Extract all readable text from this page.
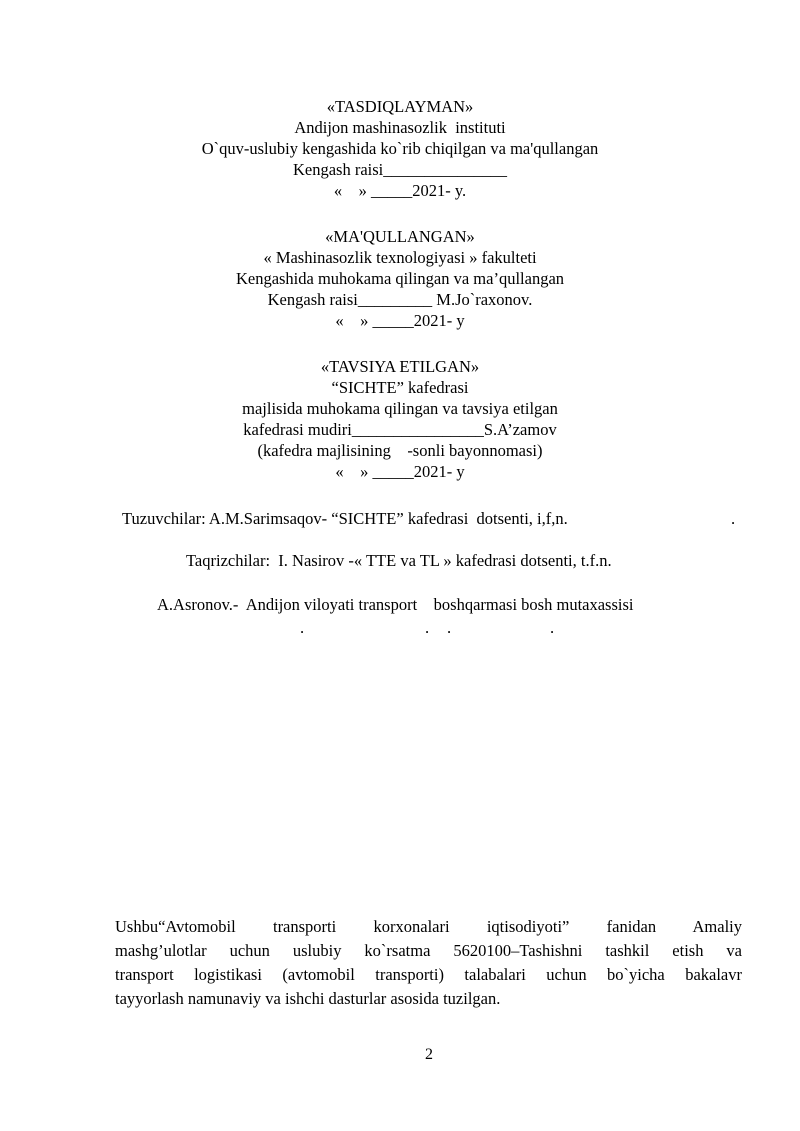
«TASDIQLAYMAN»
Andijon mashinasozlik  instituti
O`quv-uslubiy kengashida ko`rib chiqilgan va ma'qullangan
Kengash raisi_______________
«    » _____2021- y.
«MA'QULLANGAN»
« Mashinasozlik texnologiyasi » fakulteti
Kengashida muhokama qilingan va ma’qullangan
Kengash raisi_________ M.Jo`raxonov.
«    » _____2021- y
«TAVSIYA ETILGAN»
“SICHTE” kafedrasi
majlisida muhokama qilingan va tavsiya etilgan
kafedrasi mudiri________________S.A’zamov
(kafedra majlisining    -sonli bayonnomasi)
«    » _____2021- y
Tuzuvchilar: A.M.Sarimsaqov- “SICHTE” kafedrasi  dotsenti, i,f,n.	.
Taqrizchilar:  I. Nasirov -« TTE va TL » kafedrasi dotsenti, t.f.n.
A.Asronov.-  Andijon viloyati transport    boshqarmasi bosh mutaxassisi
.	. .	.
Ushbu“Avtomobil transporti korxonalari iqtisodiyoti” fanidan Amaliy
mashg’ulotlar uchun uslubiy ko`rsatma 5620100–Tashishni tashkil etish va
transport logistikasi (avtomobil transporti) talabalari uchun bo`yicha bakalavr
tayyorlash namunaviy va ishchi dasturlar asosida tuzilgan.
2
